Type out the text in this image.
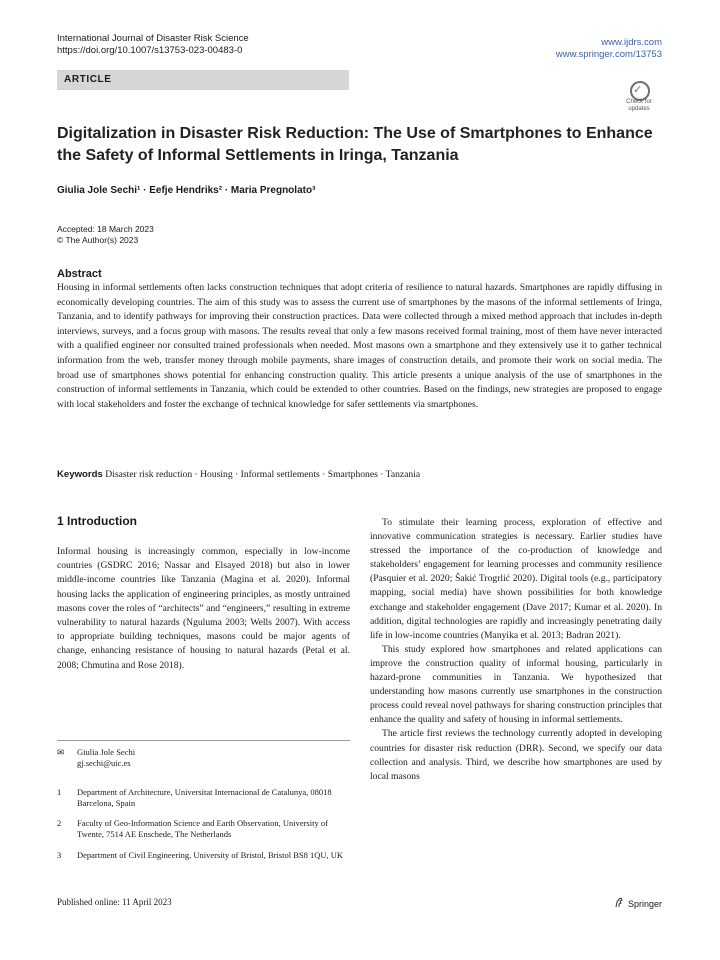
International Journal of Disaster Risk Science
https://doi.org/10.1007/s13753-023-00483-0
www.ijdrs.com
www.springer.com/13753
ARTICLE
✓
Check for updates
Digitalization in Disaster Risk Reduction: The Use of Smartphones to Enhance the Safety of Informal Settlements in Iringa, Tanzania
Giulia Jole Sechi¹ · Eefje Hendriks² · Maria Pregnolato³
Accepted: 18 March 2023
© The Author(s) 2023
Abstract
Housing in informal settlements often lacks construction techniques that adopt criteria of resilience to natural hazards. Smartphones are rapidly diffusing in economically developing countries. The aim of this study was to assess the current use of smartphones by the masons of the informal settlements of Iringa, Tanzania, and to identify pathways for improving their construction practices. Data were collected through a mixed method approach that includes in-depth interviews, surveys, and a focus group with masons. The results reveal that only a few masons received formal training, most of them have never interacted with a qualified engineer nor consulted trained professionals when needed. Most masons own a smartphone and they extensively use it to gather technical information from the web, transfer money through mobile payments, share images of construction details, and promote their work on social media. The broad use of smartphones shows potential for enhancing construction quality. This article presents a unique analysis of the use of smartphones in the construction of informal settlements in Tanzania, which could be extended to other countries. Based on the findings, new strategies are proposed to engage with local stakeholders and foster the exchange of technical knowledge for safer settlements via smartphones.
Keywords Disaster risk reduction · Housing · Informal settlements · Smartphones · Tanzania
1 Introduction

Informal housing is increasingly common, especially in low-income countries (GSDRC 2016; Nassar and Elsayed 2018) but also in lower middle-income countries like Tanzania (Magina et al. 2020). Informal housing lacks the application of engineering principles, as mostly untrained masons cover the roles of “architects” and “engineers,” resulting in extreme vulnerability to natural hazards (Nguluma 2003; Wells 2007). With access to appropriate building techniques, masons could be major agents of change, enhancing resistance of housing to natural hazards (Petal et al. 2008; Chmutina and Rose 2018).

To stimulate their learning process, exploration of effective and innovative communication strategies is necessary. Earlier studies have stressed the importance of the co-production of knowledge and stakeholders’ engagement for learning processes and community resilience (Pasquier et al. 2020; Šakić Trogrlić 2020). Digital tools (e.g., participatory mapping, social media) have shown possibilities for both knowledge exchange and stakeholder engagement (Dave 2017; Kumar et al. 2020). In addition, digital technologies are rapidly and increasingly penetrating daily life in low-income countries (Manyika et al. 2013; Badran 2021).

This study explored how smartphones and related applications can improve the construction quality of informal housing, particularly in hazard-prone communities in Tanzania. We hypothesized that understanding how masons currently use smartphones in the construction process could reveal novel pathways for sharing construction principles that enhance the quality and safety of housing in informal settlements.

The article first reviews the technology currently adopted in developing countries for disaster risk reduction (DRR). Second, we specify our data collection and analysis. Third, we describe how smartphones are used by local masons

✉	Giulia Jole Sechi
gj.sechi@uic.es
1	Department of Architecture, Universitat Internacional de Catalunya, 08018 Barcelona, Spain
2	Faculty of Geo-Information Science and Earth Observation, University of Twente, 7514 AE Enschede, The Netherlands
3	Department of Civil Engineering, University of Bristol, Bristol BS8 1QU, UK
Published online: 11 April 2023	Springer
